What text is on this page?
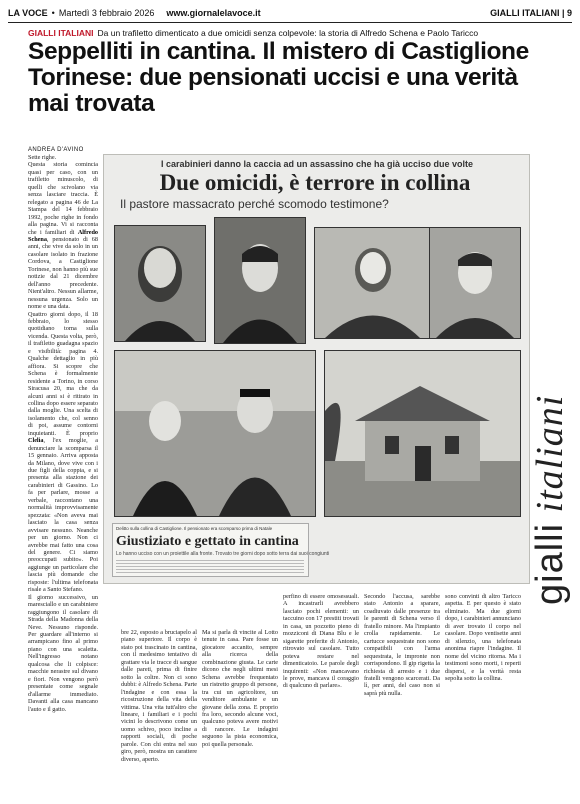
LA VOCE • Martedì 3 febbraio 2026 www.giornalelavoce.it	GIALLI ITALIANI | 9
GIALLI ITALIANI Da un trafiletto dimenticato a due omicidi senza colpevole: la storia di Alfredo Schena e Paolo Taricco
Seppelliti in cantina. Il mistero di Castiglione Torinese: due pensionati uccisi e una verità mai trovata
ANDREA D'AVINO

Sette righe.

Questa storia comincia quasi per caso, con un trafiletto minuscolo, di quelli che scivolano via senza lasciare traccia. È relegato a pagina 46 de La Stampa del 14 febbraio 1992, poche righe in fondo alla pagina. Vi si racconta che i familiari di Alfredo Schena, pensionato di 68 anni, che vive da solo in un casolare isolato in frazione Cordova, a Castiglione Torinese, non hanno più sue notizie dal 21 dicembre dell'anno precedente. Nient'altro. Nessun allarme, nessuna urgenza. Solo un nome e una data.

Quattro giorni dopo, il 18 febbraio, lo stesso quotidiano torna sulla vicenda. Questa volta, però, il trafiletto guadagna spazio e visibilità: pagina 4. Qualche dettaglio in più affiora. Si scopre che Schena è formalmente residente a Torino, in corso Siracusa 20, ma che da alcuni anni si è ritirato in collina dopo essere separato dalla moglie. Una scelta di isolamento che, col senno di poi, assume contorni inquietanti. È proprio Clelia, l'ex moglie, a denunciare la scomparsa il 15 gennaio. Arriva apposta da Milano, dove vive con i due figli della coppia, e si presenta alla stazione dei carabinieri di Gassino. Lo fa per parlare, mosse a verbale, raccontano una normalità improvvisamente spezzata: «Non aveva mai lasciato la casa senza avvisare nessuno. Neanche per un giorno. Non ci avrebbe mai fatto una cosa del genere. Ci siamo preoccupati subito». Poi aggiunge un particolare che lascia più domande che risposte: l'ultima telefonata risale a Santo Stefano.

Il giorno successivo, un maresciallo e un carabiniere raggiungono il casolare di Strada della Madonna della Neve. Nessuno risponde. Per guardare all'interno si arrampicano fino al primo piano con una scaletta. Nell'ingresso notano qualcosa che li colpisce: macchie nerastre sul divano e fiori. Non vengono però presentate come segnale d'allarme immediato. Davanti alla casa mancano l'auto e il gatto.

I carabinieri danno la caccia ad un assassino che ha già ucciso due volte
Due omicidi, è terrore in collina
Il pastore massacrato perché scomodo testimone?
Delitto sulla collina di Castiglione. Il pensionato era scomparso prima di Natale
Giustiziato e gettato in cantina
Lo hanno ucciso con un proiettile alla fronte. Trovato tre giorni dopo sotto terra dai suoi congiunti
bre 22, esposto a bruciapelo al piano superiore. Il corpo è stato poi trascinato in cantina, con il medesimo tentativo di grattare via le tracce di sangue dalle pareti, prima di finire sotto la coltre. Non ci sono dubbi: è Alfredo Schena. Parte l'indagine e con essa la ricostruzione della vita della vittima. Una vita tutt'altro che lineare, i familiari e i pochi vicini lo descrivono come un uomo schivo, poco incline a rapporti sociali, di poche parole. Con chi entra nel suo giro, però, mostra un carattere diverso, aperto.
Ma si parla di vincite al Lotto tenute in casa. Pare fosse un giocatore accanito, sempre alla ricerca della combinazione giusta. Le carte dicono che negli ultimi mesi Schena avrebbe frequentato un ristretto gruppo di persone, tra cui un agricoltore, un venditore ambulante e un giovane della zona. E proprio fra loro, secondo alcune voci, qualcuno poteva avere motivi di rancore. Le indagini seguono la pista economica, poi quella personale.
perfino di essere omosessuali. A incastrarli avrebbero lasciato pochi elementi: un taccuino con 17 prestiti trovati in casa, un pozzetto pieno di mozziconi di Diana Blu e le sigarette preferite di Antonio, ritrovato sul casolare. Tutto poteva restare nel dimenticatoio. Le parole degli inquirenti: «Non mancavano le prove, mancava il coraggio di qualcuno di parlare».
Secondo l'accusa, sarebbe stato Antonio a sparare, coadiuvato dalle presenze tra le parenti di Schena verso il fratello minore. Ma l'impianto crolla rapidamente. Le cartucce sequestrate non sono compatibili con l'arma sequestrata, le impronte non corrispondono. Il gip rigetta la richiesta di arresto e i due fratelli vengono scarcerati. Da lì, per anni, del caso non si saprà più nulla.
sono convinti di altro Taricco aspetta. E per questo è stato eliminato. Ma due giorni dopo, i carabinieri annunciano di aver trovato il corpo nel casolare. Dopo ventisette anni di silenzio, una telefonata anonima riapre l'indagine. Il nome del vicino ritorna. Ma i testimoni sono morti, i reperti dispersi, e la verità resta sepolta sotto la collina.
gialli italiani
